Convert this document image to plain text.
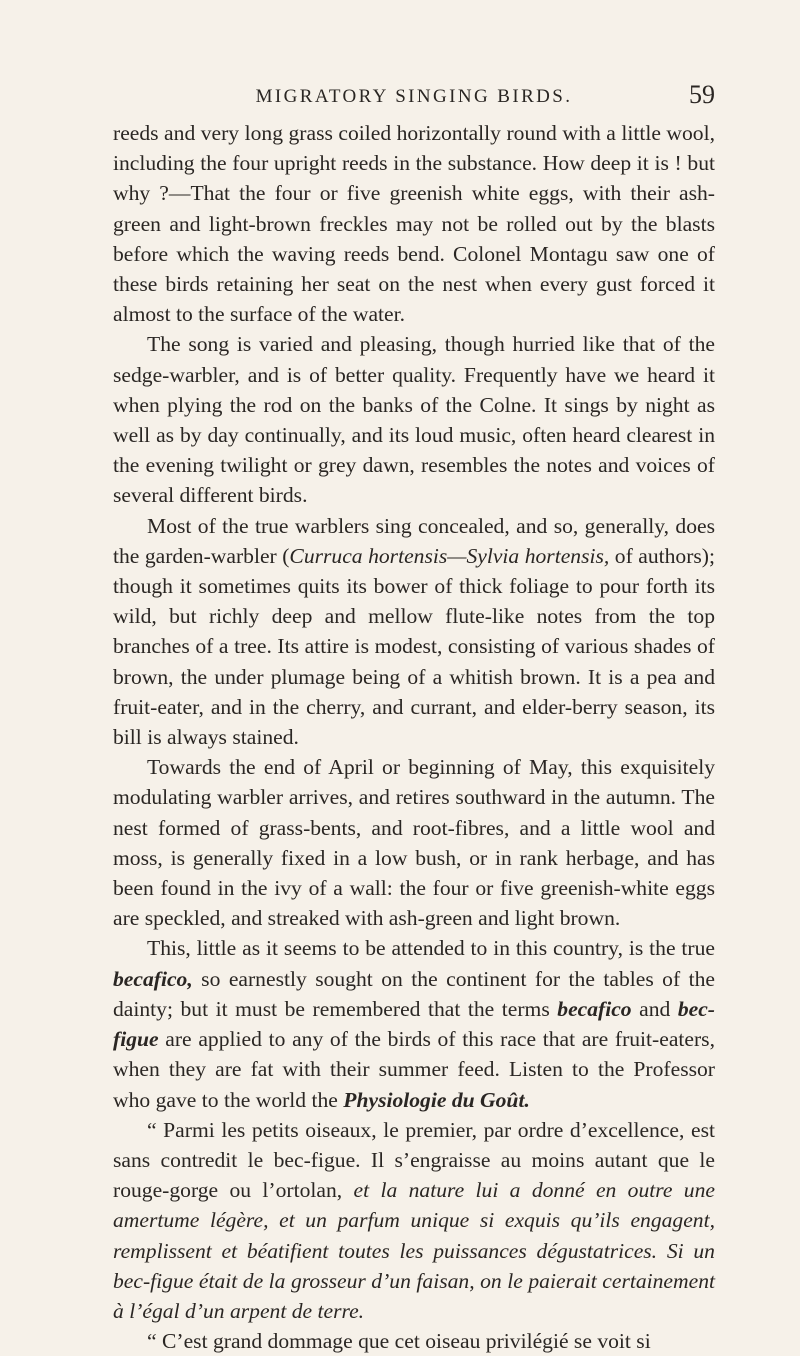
MIGRATORY SINGING BIRDS.	59

reeds and very long grass coiled horizontally round with a little wool, including the four upright reeds in the substance. How deep it is ! but why ?—That the four or five greenish white eggs, with their ash-green and light-brown freckles may not be rolled out by the blasts before which the waving reeds bend. Colonel Montagu saw one of these birds retaining her seat on the nest when every gust forced it almost to the surface of the water.

The song is varied and pleasing, though hurried like that of the sedge-warbler, and is of better quality. Frequently have we heard it when plying the rod on the banks of the Colne. It sings by night as well as by day continually, and its loud music, often heard clearest in the evening twilight or grey dawn, resembles the notes and voices of several different birds.

Most of the true warblers sing concealed, and so, generally, does the garden-warbler (Curruca hortensis—Sylvia hortensis, of authors); though it sometimes quits its bower of thick foliage to pour forth its wild, but richly deep and mellow flute-like notes from the top branches of a tree. Its attire is modest, consisting of various shades of brown, the under plumage being of a whitish brown. It is a pea and fruit-eater, and in the cherry, and currant, and elder-berry season, its bill is always stained.

Towards the end of April or beginning of May, this exquisitely modulating warbler arrives, and retires southward in the autumn. The nest formed of grass-bents, and root-fibres, and a little wool and moss, is generally fixed in a low bush, or in rank herbage, and has been found in the ivy of a wall: the four or five greenish-white eggs are speckled, and streaked with ash-green and light brown.

This, little as it seems to be attended to in this country, is the true becafico, so earnestly sought on the continent for the tables of the dainty; but it must be remembered that the terms becafico and bec-figue are applied to any of the birds of this race that are fruit-eaters, when they are fat with their summer feed. Listen to the Professor who gave to the world the Physiologie du Goût.

“ Parmi les petits oiseaux, le premier, par ordre d’excellence, est sans contredit le bec-figue. Il s’engraisse au moins autant que le rouge-gorge ou l’ortolan, et la nature lui a donné en outre une amertume légère, et un parfum unique si exquis qu’ils engagent, remplissent et béatifient toutes les puissances dégustatrices. Si un bec-figue était de la grosseur d’un faisan, on le paierait certainement à l’égal d’un arpent de terre.

“ C’est grand dommage que cet oiseau privilégié se voit si
